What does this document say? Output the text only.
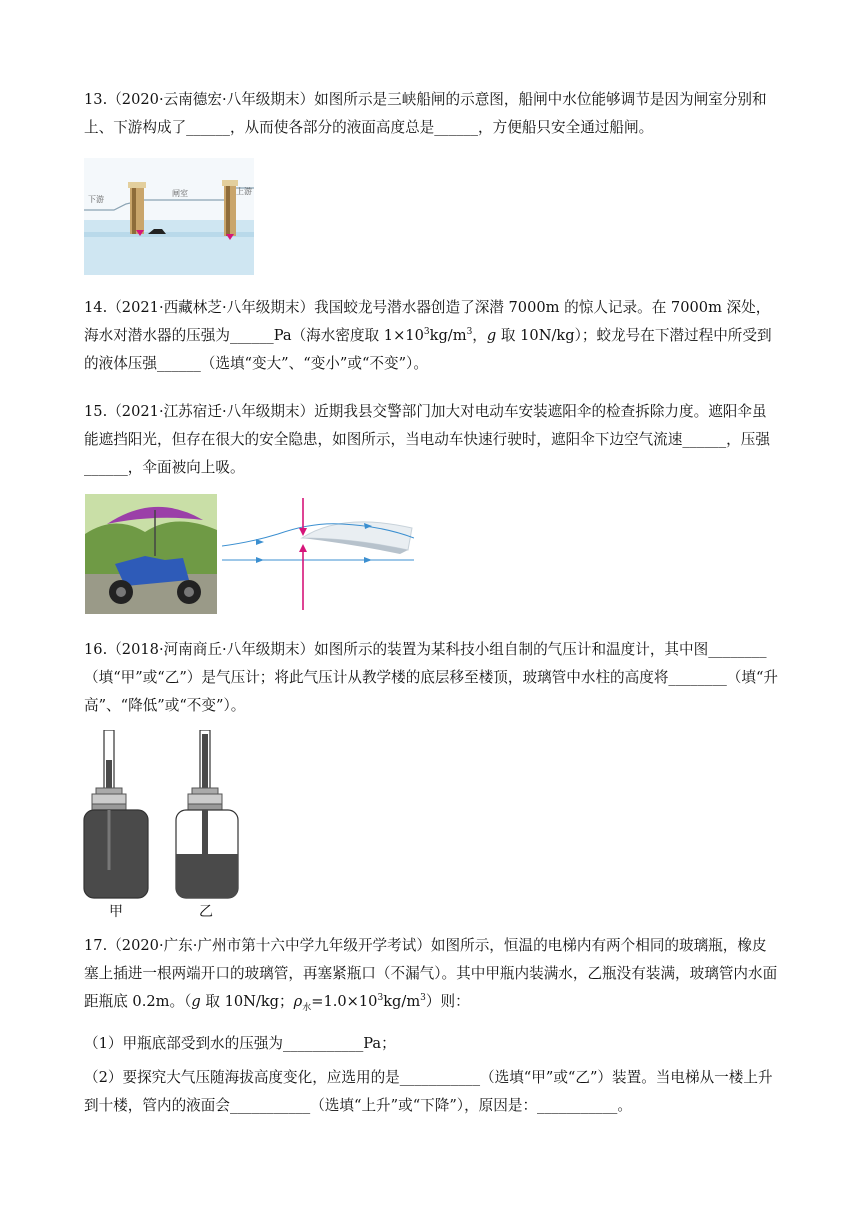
13.（2020·云南德宏·八年级期末）如图所示是三峡船闸的示意图，船闸中水位能够调节是因为闸室分别和上、下游构成了______，从而使各部分的液面高度总是______，方便船只安全通过船闸。

下游
闸室	上游

14.（2021·西藏林芝·八年级期末）我国蛟龙号潜水器创造了深潜 7000m 的惊人记录。在 7000m 深处，海水对潜水器的压强为______Pa（海水密度取 $1\times 10^3kg/m^3$，g 取 10N/kg）；蛟龙号在下潜过程中所受到的液体压强______（选填“变大”、“变小”或“不变”）。

15.（2021·江苏宿迁·八年级期末）近期我县交警部门加大对电动车安装遮阳伞的检查拆除力度。遮阳伞虽能遮挡阳光，但存在很大的安全隐患，如图所示，当电动车快速行驶时，遮阳伞下边空气流速______，压强______，伞面被向上吸。

16.（2018·河南商丘·八年级期末）如图所示的装置为某科技小组自制的气压计和温度计，其中图________（填“甲”或“乙”）是气压计；将此气压计从教学楼的底层移至楼顶，玻璃管中水柱的高度将________（填“升高”、“降低”或“不变”）。

甲	乙

17.（2020·广东·广州市第十六中学九年级开学考试）如图所示，恒温的电梯内有两个相同的玻璃瓶，橡皮塞上插进一根两端开口的玻璃管，再塞紧瓶口（不漏气）。其中甲瓶内装满水，乙瓶没有装满，玻璃管内水面距瓶底 0.2m。（g 取 10N/kg；$\rho_水=1.0\times 10^3kg/m^3$）则：

（1）甲瓶底部受到水的压强为___________Pa；

（2）要探究大气压随海拔高度变化，应选用的是___________（选填“甲”或“乙”）装置。当电梯从一楼上升到十楼，管内的液面会___________（选填“上升”或“下降”），原因是：___________。
